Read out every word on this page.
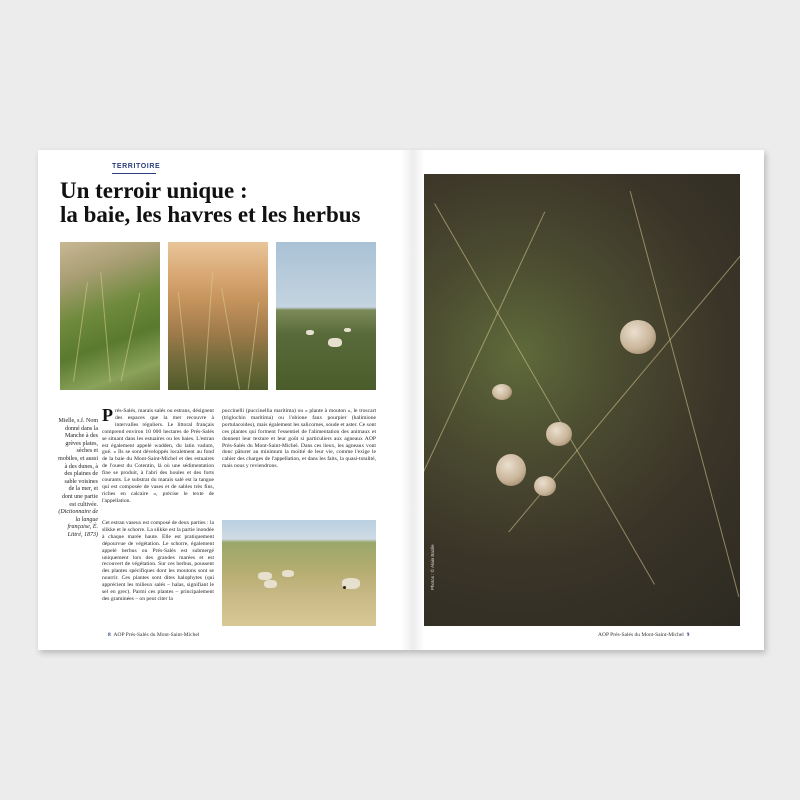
TERRITOIRE
Un terroir unique :
la baie, les havres et les herbus
Mielle, s.f. Nom donné dans la Manche à des grèves plates, sèches et mobiles, et aussi à des dunes, à des plaines de sable voisines de la mer, et dont une partie est cultivée. (Dictionnaire de la langue française, É. Littré, 1873)
Prés-Salés, marais salés ou estrans, désignent des espaces que la mer recouvre à intervalles réguliers. Le littoral français comprend environ 10 000 hectares de Prés-Salés se situant dans les estuaires ou les baies. L'estran est également appelé wadden, du latin vadum, gué. « Ils se sont développés localement au fond de la baie du Mont-Saint-Michel et des estuaires de l'ouest du Cotentin, là où une sédimentation fine se produit, à l'abri des houles et des forts courants. Le substrat du marais salé est la tangue qui est composée de vases et de sables très fins, riches en calcaire », précise le texte de l'appellation.
Cet estran vaseux est composé de deux parties : la slikke et le schorre. La slikke est la partie inondée à chaque marée haute. Elle est pratiquement dépourvue de végétation. Le schorre, également appelé herbus ou Prés-Salés est submergé uniquement lors des grandes marées et est recouvert de végétation. Sur ces herbus, poussent des plantes spécifiques dont les moutons sont se nourrir. Ces plantes sont dites halophytes (qui apprécient les milieux salés – halas, signifiant le sel en grec). Parmi ces plantes – principalement des graminées – on peut citer la
puccinelli (puccinellia maritima) ou « plante à mouton », le troscart (triglochin maritima) ou l'obione faux pourpier (halimione portulacoides), mais également les salicornes, soude et aster. Ce sont ces plantes qui forment l'essentiel de l'alimentation des animaux et donnent leur texture et leur goût si particuliers aux agneaux AOP Prés-Salés du Mont-Saint-Michel. Dans ces lieux, les agneaux vont donc pâturer au minimum la moitié de leur vie, comme l'exige le cahier des charges de l'appellation, et dans les faits, la quasi-totalité, mais nous y reviendrons.
Photos : © Alain Bazile
8 AOP Prés-Salés du Mont-Saint-Michel	AOP Prés-Salés du Mont-Saint-Michel 9
